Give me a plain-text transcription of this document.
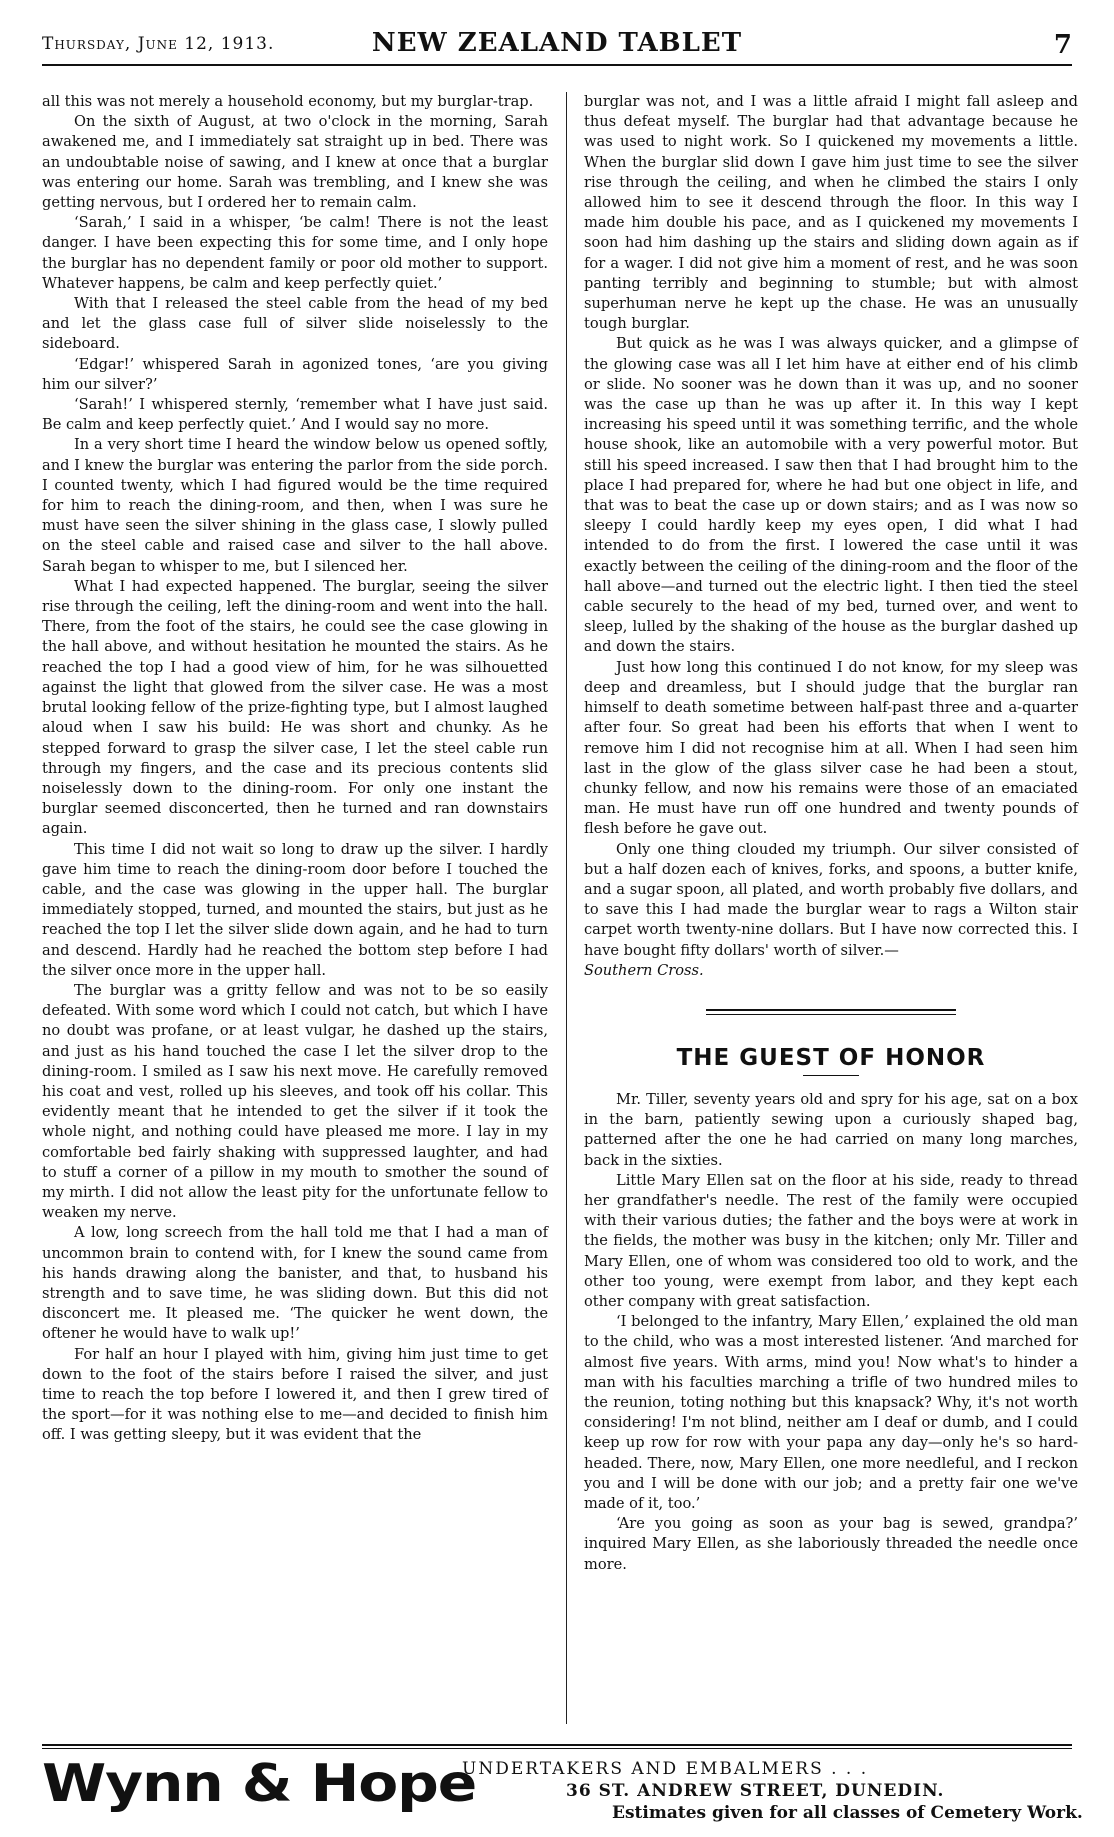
Thursday, June 12, 1913.	NEW ZEALAND TABLET	7

all this was not merely a household economy, but my burglar-trap.

On the sixth of August, at two o'clock in the morning, Sarah awakened me, and I immediately sat straight up in bed. There was an undoubtable noise of sawing, and I knew at once that a burglar was entering our home. Sarah was trembling, and I knew she was getting nervous, but I ordered her to remain calm.

‘Sarah,’ I said in a whisper, ‘be calm! There is not the least danger. I have been expecting this for some time, and I only hope the burglar has no dependent family or poor old mother to support. Whatever happens, be calm and keep perfectly quiet.’

With that I released the steel cable from the head of my bed and let the glass case full of silver slide noiselessly to the sideboard.

‘Edgar!’ whispered Sarah in agonized tones, ‘are you giving him our silver?’

‘Sarah!’ I whispered sternly, ‘remember what I have just said. Be calm and keep perfectly quiet.’ And I would say no more.

In a very short time I heard the window below us opened softly, and I knew the burglar was entering the parlor from the side porch. I counted twenty, which I had figured would be the time required for him to reach the dining-room, and then, when I was sure he must have seen the silver shining in the glass case, I slowly pulled on the steel cable and raised case and silver to the hall above. Sarah began to whisper to me, but I silenced her.

What I had expected happened. The burglar, seeing the silver rise through the ceiling, left the dining-room and went into the hall. There, from the foot of the stairs, he could see the case glowing in the hall above, and without hesitation he mounted the stairs. As he reached the top I had a good view of him, for he was silhouetted against the light that glowed from the silver case. He was a most brutal looking fellow of the prize-fighting type, but I almost laughed aloud when I saw his build: He was short and chunky. As he stepped forward to grasp the silver case, I let the steel cable run through my fingers, and the case and its precious contents slid noiselessly down to the dining-room. For only one instant the burglar seemed disconcerted, then he turned and ran downstairs again.

This time I did not wait so long to draw up the silver. I hardly gave him time to reach the dining-room door before I touched the cable, and the case was glowing in the upper hall. The burglar immediately stopped, turned, and mounted the stairs, but just as he reached the top I let the silver slide down again, and he had to turn and descend. Hardly had he reached the bottom step before I had the silver once more in the upper hall.

The burglar was a gritty fellow and was not to be so easily defeated. With some word which I could not catch, but which I have no doubt was profane, or at least vulgar, he dashed up the stairs, and just as his hand touched the case I let the silver drop to the dining-room. I smiled as I saw his next move. He carefully removed his coat and vest, rolled up his sleeves, and took off his collar. This evidently meant that he intended to get the silver if it took the whole night, and nothing could have pleased me more. I lay in my comfortable bed fairly shaking with suppressed laughter, and had to stuff a corner of a pillow in my mouth to smother the sound of my mirth. I did not allow the least pity for the unfortunate fellow to weaken my nerve.

A low, long screech from the hall told me that I had a man of uncommon brain to contend with, for I knew the sound came from his hands drawing along the banister, and that, to husband his strength and to save time, he was sliding down. But this did not disconcert me. It pleased me. ‘The quicker he went down, the oftener he would have to walk up!’

For half an hour I played with him, giving him just time to get down to the foot of the stairs before I raised the silver, and just time to reach the top before I lowered it, and then I grew tired of the sport—for it was nothing else to me—and decided to finish him off. I was getting sleepy, but it was evident that the

burglar was not, and I was a little afraid I might fall asleep and thus defeat myself. The burglar had that advantage because he was used to night work. So I quickened my movements a little. When the burglar slid down I gave him just time to see the silver rise through the ceiling, and when he climbed the stairs I only allowed him to see it descend through the floor. In this way I made him double his pace, and as I quickened my movements I soon had him dashing up the stairs and sliding down again as if for a wager. I did not give him a moment of rest, and he was soon panting terribly and beginning to stumble; but with almost superhuman nerve he kept up the chase. He was an unusually tough burglar.

But quick as he was I was always quicker, and a glimpse of the glowing case was all I let him have at either end of his climb or slide. No sooner was he down than it was up, and no sooner was the case up than he was up after it. In this way I kept increasing his speed until it was something terrific, and the whole house shook, like an automobile with a very powerful motor. But still his speed increased. I saw then that I had brought him to the place I had prepared for, where he had but one object in life, and that was to beat the case up or down stairs; and as I was now so sleepy I could hardly keep my eyes open, I did what I had intended to do from the first. I lowered the case until it was exactly between the ceiling of the dining-room and the floor of the hall above—and turned out the electric light. I then tied the steel cable securely to the head of my bed, turned over, and went to sleep, lulled by the shaking of the house as the burglar dashed up and down the stairs.

Just how long this continued I do not know, for my sleep was deep and dreamless, but I should judge that the burglar ran himself to death sometime between half-past three and a-quarter after four. So great had been his efforts that when I went to remove him I did not recognise him at all. When I had seen him last in the glow of the glass silver case he had been a stout, chunky fellow, and now his remains were those of an emaciated man. He must have run off one hundred and twenty pounds of flesh before he gave out.

Only one thing clouded my triumph. Our silver consisted of but a half dozen each of knives, forks, and spoons, a butter knife, and a sugar spoon, all plated, and worth probably five dollars, and to save this I had made the burglar wear to rags a Wilton stair carpet worth twenty-nine dollars. But I have now corrected this. I have bought fifty dollars' worth of silver.—

Southern Cross.

THE GUEST OF HONOR

Mr. Tiller, seventy years old and spry for his age, sat on a box in the barn, patiently sewing upon a curiously shaped bag, patterned after the one he had carried on many long marches, back in the sixties.

Little Mary Ellen sat on the floor at his side, ready to thread her grandfather's needle. The rest of the family were occupied with their various duties; the father and the boys were at work in the fields, the mother was busy in the kitchen; only Mr. Tiller and Mary Ellen, one of whom was considered too old to work, and the other too young, were exempt from labor, and they kept each other company with great satisfaction.

‘I belonged to the infantry, Mary Ellen,’ explained the old man to the child, who was a most interested listener. ‘And marched for almost five years. With arms, mind you! Now what's to hinder a man with his faculties marching a trifle of two hundred miles to the reunion, toting nothing but this knapsack? Why, it's not worth considering! I'm not blind, neither am I deaf or dumb, and I could keep up row for row with your papa any day—only he's so hard-headed. There, now, Mary Ellen, one more needleful, and I reckon you and I will be done with our job; and a pretty fair one we've made of it, too.’

‘Are you going as soon as your bag is sewed, grandpa?’ inquired Mary Ellen, as she laboriously threaded the needle once more.

Wynn & Hope
UNDERTAKERS AND EMBALMERS . . .
36 ST. ANDREW STREET, DUNEDIN.
Estimates given for all classes of Cemetery Work.
